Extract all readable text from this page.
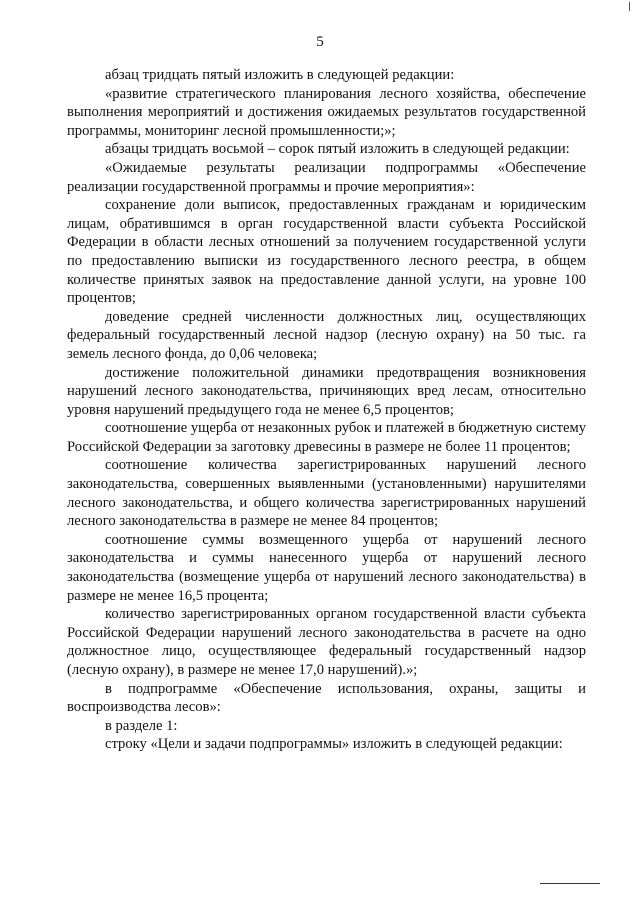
5

абзац тридцать пятый изложить в следующей редакции:

«развитие стратегического планирования лесного хозяйства, обеспечение выполнения мероприятий и достижения ожидаемых результатов государственной программы, мониторинг лесной промышленности;»;

абзацы тридцать восьмой – сорок пятый изложить в следующей редакции:

«Ожидаемые результаты реализации подпрограммы «Обеспечение реализации государственной программы и прочие мероприятия»:

сохранение доли выписок, предоставленных гражданам и юридическим лицам, обратившимся в орган государственной власти субъекта Российской Федерации в области лесных отношений за получением государственной услуги по предоставлению выписки из государственного лесного реестра, в общем количестве принятых заявок на предоставление данной услуги, на уровне 100 процентов;

доведение средней численности должностных лиц, осуществляющих федеральный государственный лесной надзор (лесную охрану) на 50 тыс. га земель лесного фонда, до 0,06 человека;

достижение положительной динамики предотвращения возникновения нарушений лесного законодательства, причиняющих вред лесам, относительно уровня нарушений предыдущего года не менее 6,5 процентов;

соотношение ущерба от незаконных рубок и платежей в бюджетную систему Российской Федерации за заготовку древесины в размере не более 11 процентов;

соотношение количества зарегистрированных нарушений лесного законодательства, совершенных выявленными (установленными) нарушителями лесного законодательства, и общего количества зарегистрированных нарушений лесного законодательства в размере не менее 84 процентов;

соотношение суммы возмещенного ущерба от нарушений лесного законодательства и суммы нанесенного ущерба от нарушений лесного законодательства (возмещение ущерба от нарушений лесного законодательства) в размере не менее 16,5 процента;

количество зарегистрированных органом государственной власти субъекта Российской Федерации нарушений лесного законодательства в расчете на одно должностное лицо, осуществляющее федеральный государственный надзор (лесную охрану), в размере не менее 17,0 нарушений).»;

в подпрограмме «Обеспечение использования, охраны, защиты и воспроизводства лесов»:

в разделе 1:

строку «Цели и задачи подпрограммы» изложить в следующей редакции:
